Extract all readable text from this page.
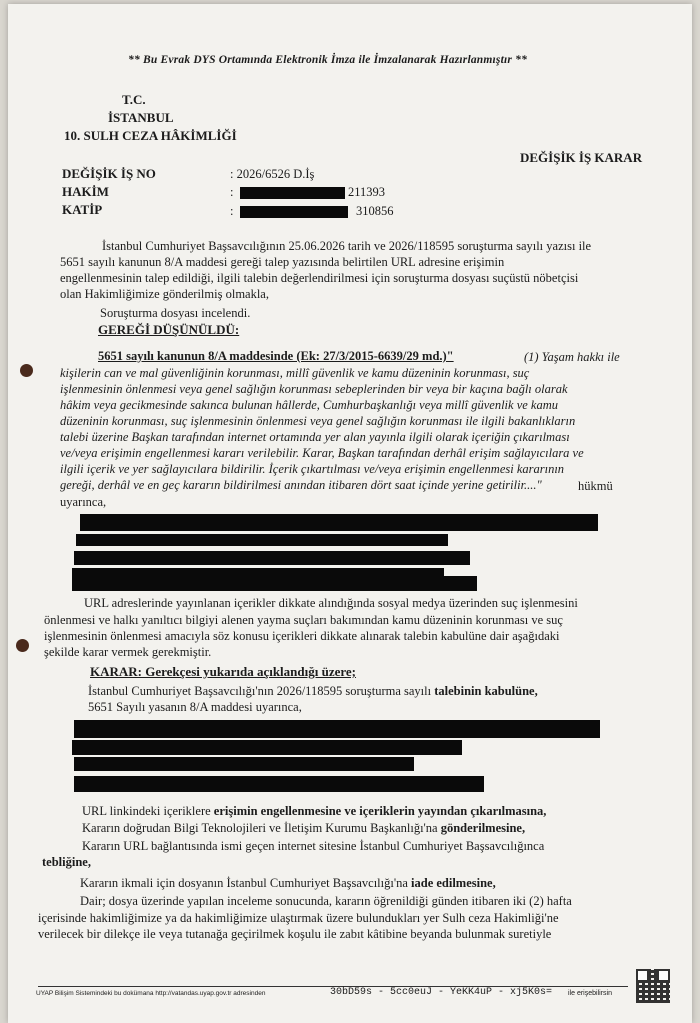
** Bu Evrak DYS Ortamında Elektronik İmza ile İmzalanarak Hazırlanmıştır **
T.C.
İSTANBUL
10. SULH CEZA HÂKİMLİĞİ
DEĞİŞİK İŞ KARAR
DEĞİŞİK İŞ NO	: 2026/6526 D.İş
HAKİM	:	211393
KATİP	:	310856
İstanbul Cumhuriyet Başsavcılığının 25.06.2026 tarih ve 2026/118595 soruşturma sayılı yazısı ile
5651 sayılı kanunun 8/A maddesi gereği talep yazısında belirtilen URL adresine erişimin
engellenmesinin talep edildiği, ilgili talebin değerlendirilmesi için soruşturma dosyası suçüstü nöbetçisi
olan Hakimliğimize gönderilmiş olmakla,
Soruşturma dosyası incelendi.
GEREĞİ DÜŞÜNÜLDÜ:
5651 sayılı kanunun 8/A maddesinde (Ek: 27/3/2015-6639/29 md.)"	(1) Yaşam hakkı ile
kişilerin can ve mal güvenliğinin korunması, millî güvenlik ve kamu düzeninin korunması, suç
işlenmesinin önlenmesi veya genel sağlığın korunması sebeplerinden bir veya bir kaçına bağlı olarak
hâkim veya gecikmesinde sakınca bulunan hâllerde, Cumhurbaşkanlığı veya millî güvenlik ve kamu
düzeninin korunması, suç işlenmesinin önlenmesi veya genel sağlığın korunması ile ilgili bakanlıkların
talebi üzerine Başkan tarafından internet ortamında yer alan yayınla ilgili olarak içeriğin çıkarılması
ve/veya erişimin engellenmesi kararı verilebilir. Karar, Başkan tarafından derhâl erişim sağlayıcılara ve
ilgili içerik ve yer sağlayıcılara bildirilir. İçerik çıkartılması ve/veya erişimin engellenmesi kararının
gereği, derhâl ve en geç kararın bildirilmesi anından itibaren dört saat içinde yerine getirilir...."	hükmü
uyarınca,
URL adreslerinde yayınlanan içerikler dikkate alındığında sosyal medya üzerinden suç işlenmesini
önlenmesi ve halkı yanıltıcı bilgiyi alenen yayma suçları bakımından kamu düzeninin korunması ve suç
işlenmesinin önlenmesi amacıyla söz konusu içerikleri dikkate alınarak talebin kabulüne dair aşağıdaki
şekilde karar vermek gerekmiştir.
KARAR: Gerekçesi yukarıda açıklandığı üzere;
İstanbul Cumhuriyet Başsavcılığı'nın 2026/118595 soruşturma sayılı talebinin kabulüne,
5651 Sayılı yasanın 8/A maddesi uyarınca,
URL linkindeki içeriklere erişimin engellenmesine ve içeriklerin yayından çıkarılmasına,
Kararın doğrudan Bilgi Teknolojileri ve İletişim Kurumu Başkanlığı'na gönderilmesine,
Kararın URL bağlantısında ismi geçen internet sitesine İstanbul Cumhuriyet Başsavcılığınca
tebliğine,
Kararın ikmali için dosyanın İstanbul Cumhuriyet Başsavcılığı'na iade edilmesine,
Dair; dosya üzerinde yapılan inceleme sonucunda, kararın öğrenildiği günden itibaren iki (2) hafta
içerisinde hakimliğimize ya da hakimliğimize ulaştırmak üzere bulundukları yer Sulh ceza Hakimliği'ne
verilecek bir dilekçe ile veya tutanağa geçirilmek koşulu ile zabıt kâtibine beyanda bulunmak suretiyle
UYAP Bilişim Sistemindeki bu dokümana http://vatandas.uyap.gov.tr adresinden	30bD59s - 5cc0euJ - YeKK4uP - xj5K0s= ile erişebilirsin
